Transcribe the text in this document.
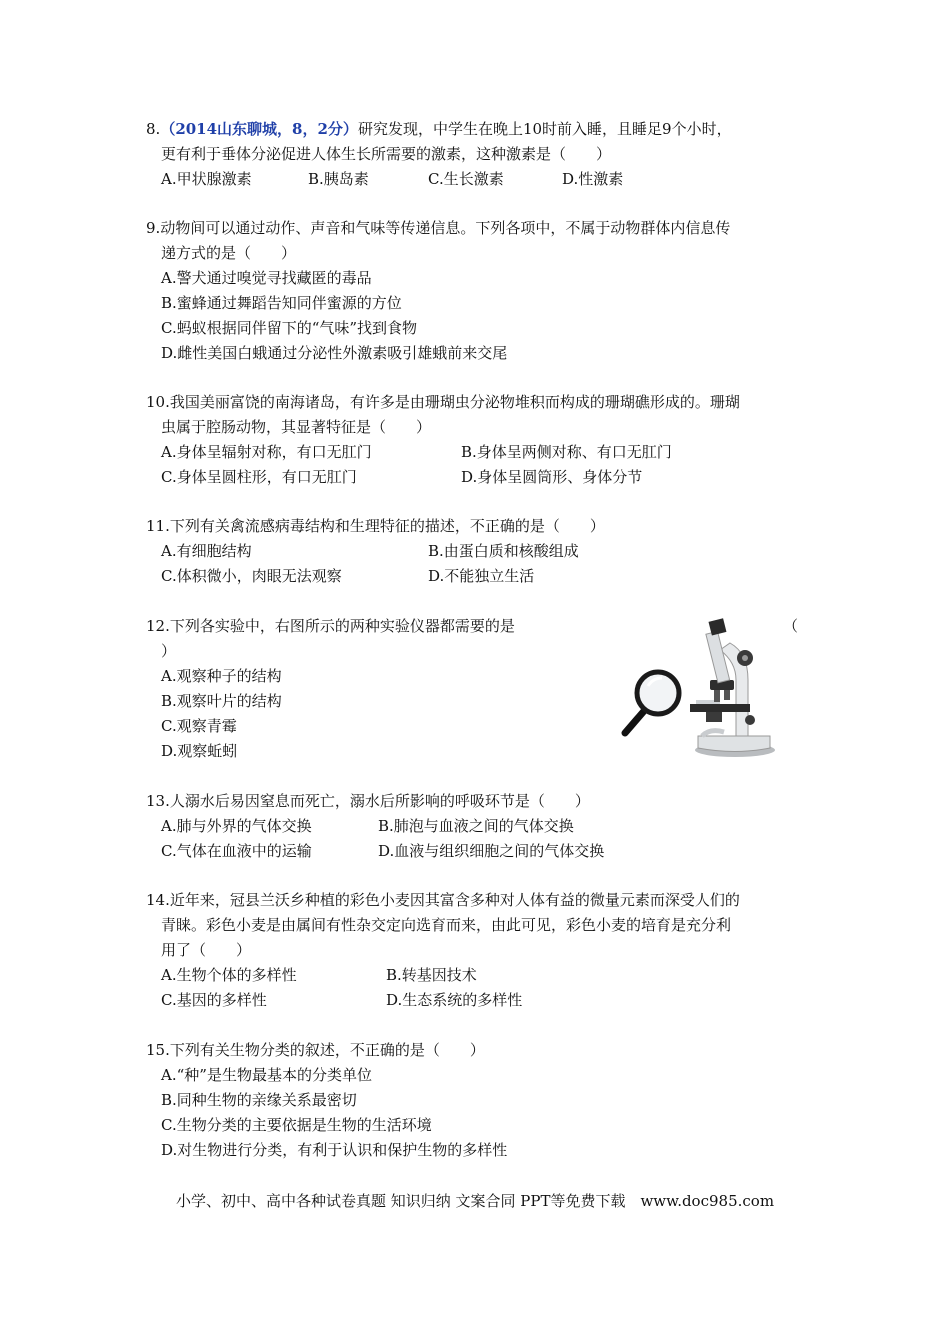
8.（2014山东聊城，8，2分）研究发现，中学生在晚上10时前入睡，且睡足9个小时，

更有利于垂体分泌促进人体生长所需要的激素，这种激素是（　　）

A.甲状腺激素	B.胰岛素	C.生长激素	D.性激素

9.动物间可以通过动作、声音和气味等传递信息。下列各项中，不属于动物群体内信息传

递方式的是（　　）

A.警犬通过嗅觉寻找藏匿的毒品
B.蜜蜂通过舞蹈告知同伴蜜源的方位
C.蚂蚁根据同伴留下的“气味”找到食物
D.雌性美国白蛾通过分泌性外激素吸引雄蛾前来交尾

10.我国美丽富饶的南海诸岛，有许多是由珊瑚虫分泌物堆积而构成的珊瑚礁形成的。珊瑚

虫属于腔肠动物，其显著特征是（　　）

A.身体呈辐射对称，有口无肛门	B.身体呈两侧对称、有口无肛门
C.身体呈圆柱形，有口无肛门	D.身体呈圆筒形、身体分节

11.下列有关禽流感病毒结构和生理特征的描述，不正确的是（　　）

A.有细胞结构	B.由蛋白质和核酸组成
C.体积微小，肉眼无法观察	D.不能独立生活

12.下列各实验中，右图所示的两种实验仪器都需要的是	（

）

A.观察种子的结构
B.观察叶片的结构
C.观察青霉
D.观察蚯蚓

13.人溺水后易因窒息而死亡，溺水后所影响的呼吸环节是（　　）

A.肺与外界的气体交换	B.肺泡与血液之间的气体交换
C.气体在血液中的运输	D.血液与组织细胞之间的气体交换

14.近年来，冠县兰沃乡种植的彩色小麦因其富含多种对人体有益的微量元素而深受人们的

青睐。彩色小麦是由属间有性杂交定向选育而来，由此可见，彩色小麦的培育是充分利

用了（　　）

A.生物个体的多样性	B.转基因技术
C.基因的多样性	D.生态系统的多样性

15.下列有关生物分类的叙述，不正确的是（　　）

A.“种”是生物最基本的分类单位
B.同种生物的亲缘关系最密切
C.生物分类的主要依据是生物的生活环境
D.对生物进行分类，有利于认识和保护生物的多样性
小学、初中、高中各种试卷真题 知识归纳 文案合同 PPT等免费下载　www.doc985.com
